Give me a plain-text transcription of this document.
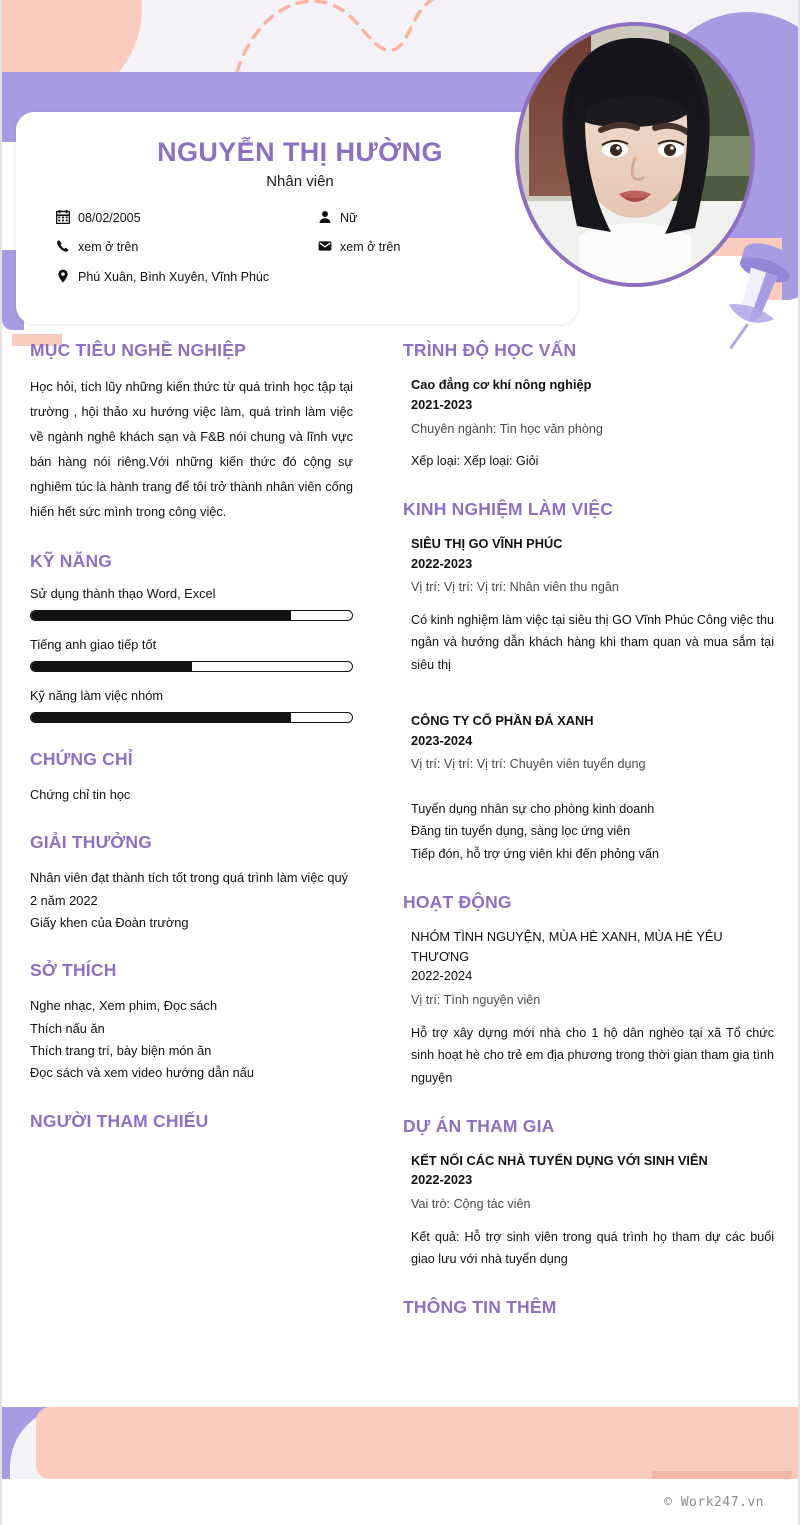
NGUYỄN THỊ HƯỜNG

Nhân viên

08/02/2005
xem ở trên
Phú Xuân, Bình Xuyên, Vĩnh Phúc
Nữ
xem ở trên
MỤC TIÊU NGHỀ NGHIỆP

Học hỏi, tích lũy những kiến thức từ quá trình học tập tại trường , hội thảo xu hướng việc làm, quá trình làm việc về ngành nghê khách sạn và F&B nói chung và lĩnh vực bán hàng nói riêng.Với những kiến thức đó cộng sự nghiêm túc là hành trang để tôi trở thành nhân viên cống hiến hết sức mình trong công việc.

KỸ NĂNG
Sử dụng thành thạo Word, Excel
Tiếng anh giao tiếp tốt
Kỹ năng làm việc nhóm
CHỨNG CHỈ

Chứng chỉ tin học

GIẢI THƯỞNG

Nhân viên đạt thành tích tốt trong quá trình làm việc quý 2 năm 2022

Giấy khen của Đoàn trường

SỞ THÍCH

Nghe nhạc, Xem phim, Đọc sách

Thích nấu ăn

Thích trang trí, bày biện món ăn

Đọc sách và xem video hướng dẫn nấu

NGƯỜI THAM CHIẾU
TRÌNH ĐỘ HỌC VẤN

Cao đẳng cơ khí nông nghiệp

2021-2023

Chuyên ngành: Tin học văn phòng

Xếp loại: Xếp loại: Giỏi

KINH NGHIỆM LÀM VIỆC

SIÊU THỊ GO VĨNH PHÚC

2022-2023

Vị trí: Vị trí: Vị trí: Nhân viên thu ngân

Có kinh nghiệm làm việc tại siêu thị GO Vĩnh Phúc Công việc thu ngân và hướng dẫn khách hàng khi tham quan và mua sắm tại siêu thị

CÔNG TY CỔ PHẦN ĐÁ XANH

2023-2024

Vị trí: Vị trí: Vị trí: Chuyên viên tuyển dụng

Tuyển dụng nhân sự cho phòng kinh doanh

Đăng tin tuyển dụng, sàng lọc ứng viên

Tiếp đón, hỗ trợ ứng viên khi đến phỏng vấn

HOẠT ĐỘNG

NHÓM TÌNH NGUYỆN, MÙA HÈ XANH, MÙA HÈ YÊU THƯƠNG

2022-2024

Vị trí: Tình nguyện viên

Hỗ trợ xây dựng mới nhà cho 1 hộ dân nghèo tại xã Tổ chức sinh hoạt hè cho trẻ em địa phương trong thời gian tham gia tình nguyện

DỰ ÁN THAM GIA

KẾT NỐI CÁC NHÀ TUYỂN DỤNG VỚI SINH VIÊN

2022-2023

Vai trò: Cộng tác viên

Kết quả: Hỗ trợ sinh viên trong quá trình họ tham dự các buổi giao lưu với nhà tuyển dụng

THÔNG TIN THÊM
© Work247.vn
